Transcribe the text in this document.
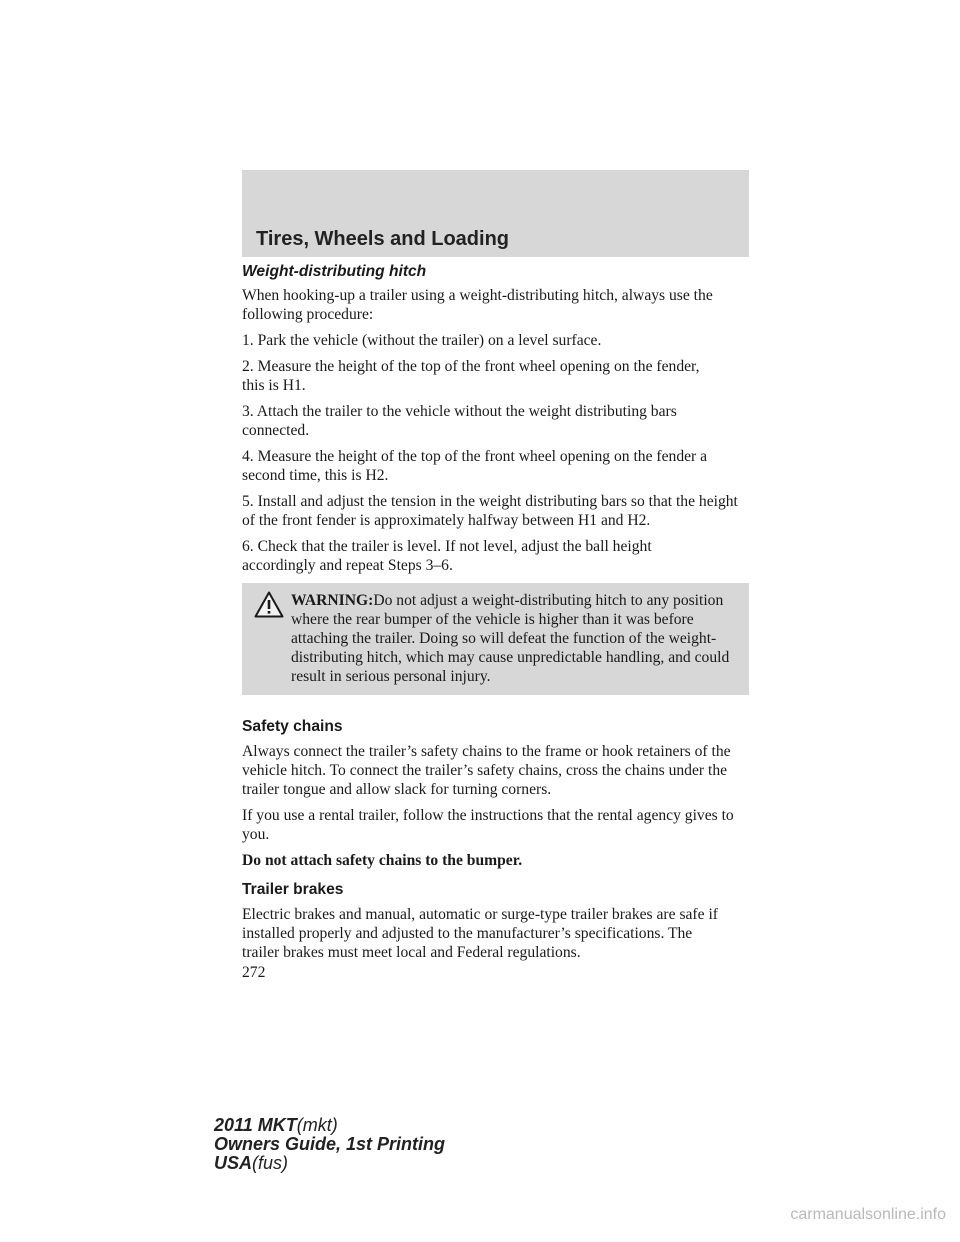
Tires, Wheels and Loading

Weight-distributing hitch

When hooking-up a trailer using a weight-distributing hitch, always use the following procedure:

1. Park the vehicle (without the trailer) on a level surface.

2. Measure the height of the top of the front wheel opening on the fender, this is H1.

3. Attach the trailer to the vehicle without the weight distributing bars connected.

4. Measure the height of the top of the front wheel opening on the fender a second time, this is H2.

5. Install and adjust the tension in the weight distributing bars so that the height of the front fender is approximately halfway between H1 and H2.

6. Check that the trailer is level. If not level, adjust the ball height accordingly and repeat Steps 3–6.

WARNING:Do not adjust a weight-distributing hitch to any position where the rear bumper of the vehicle is higher than it was before attaching the trailer. Doing so will defeat the function of the weight-distributing hitch, which may cause unpredictable handling, and could result in serious personal injury.

Safety chains

Always connect the trailer’s safety chains to the frame or hook retainers of the vehicle hitch. To connect the trailer’s safety chains, cross the chains under the trailer tongue and allow slack for turning corners.

If you use a rental trailer, follow the instructions that the rental agency gives to you.

Do not attach safety chains to the bumper.

Trailer brakes

Electric brakes and manual, automatic or surge-type trailer brakes are safe if installed properly and adjusted to the manufacturer’s specifications. The trailer brakes must meet local and Federal regulations.

272

2011 MKT(mkt)
Owners Guide, 1st Printing
USA(fus)
carmanualsonline.info
